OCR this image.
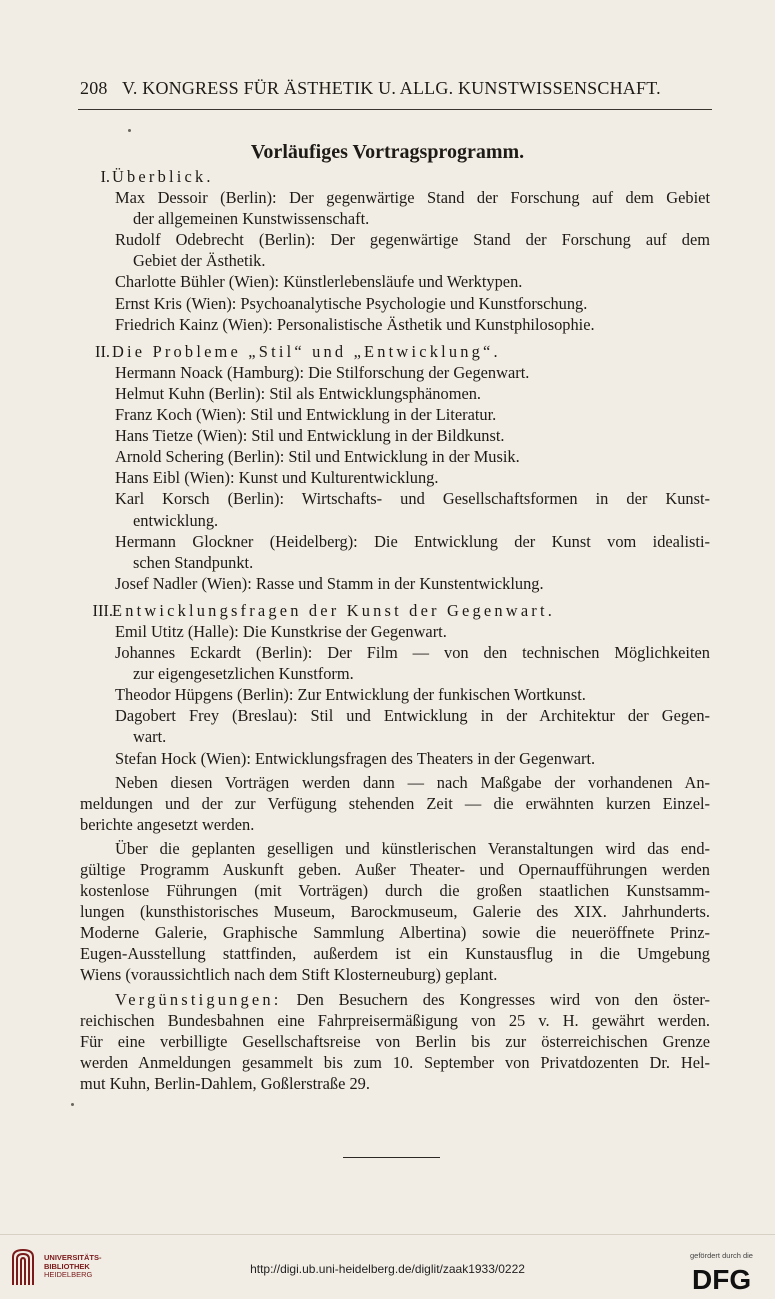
208 V. KONGRESS FÜR ÄSTHETIK U. ALLG. KUNSTWISSENSCHAFT.
Vorläufiges Vortragsprogramm.
I. Überblick.
Max Dessoir (Berlin): Der gegenwärtige Stand der Forschung auf dem Gebiet
der allgemeinen Kunstwissenschaft.
Rudolf Odebrecht (Berlin): Der gegenwärtige Stand der Forschung auf dem
Gebiet der Ästhetik.
Charlotte Bühler (Wien): Künstlerlebensläufe und Werktypen.
Ernst Kris (Wien): Psychoanalytische Psychologie und Kunstforschung.
Friedrich Kainz (Wien): Personalistische Ästhetik und Kunstphilosophie.
II. Die Probleme „Stil“ und „Entwicklung“.
Hermann Noack (Hamburg): Die Stilforschung der Gegenwart.
Helmut Kuhn (Berlin): Stil als Entwicklungsphänomen.
Franz Koch (Wien): Stil und Entwicklung in der Literatur.
Hans Tietze (Wien): Stil und Entwicklung in der Bildkunst.
Arnold Schering (Berlin): Stil und Entwicklung in der Musik.
Hans Eibl (Wien): Kunst und Kulturentwicklung.
Karl Korsch (Berlin): Wirtschafts- und Gesellschaftsformen in der Kunst-
entwicklung.
Hermann Glockner (Heidelberg): Die Entwicklung der Kunst vom idealisti-
schen Standpunkt.
Josef Nadler (Wien): Rasse und Stamm in der Kunstentwicklung.
III. Entwicklungsfragen der Kunst der Gegenwart.
Emil Utitz (Halle): Die Kunstkrise der Gegenwart.
Johannes Eckardt (Berlin): Der Film — von den technischen Möglichkeiten
zur eigengesetzlichen Kunstform.
Theodor Hüpgens (Berlin): Zur Entwicklung der funkischen Wortkunst.
Dagobert Frey (Breslau): Stil und Entwicklung in der Architektur der Gegen-
wart.
Stefan Hock (Wien): Entwicklungsfragen des Theaters in der Gegenwart.
Neben diesen Vorträgen werden dann — nach Maßgabe der vorhandenen An-
meldungen und der zur Verfügung stehenden Zeit — die erwähnten kurzen Einzel-
berichte angesetzt werden.
Über die geplanten geselligen und künstlerischen Veranstaltungen wird das end-
gültige Programm Auskunft geben. Außer Theater- und Opernaufführungen werden
kostenlose Führungen (mit Vorträgen) durch die großen staatlichen Kunstsamm-
lungen (kunsthistorisches Museum, Barockmuseum, Galerie des XIX. Jahrhunderts.
Moderne Galerie, Graphische Sammlung Albertina) sowie die neueröffnete Prinz-
Eugen-Ausstellung stattfinden, außerdem ist ein Kunstausflug in die Umgebung
Wiens (voraussichtlich nach dem Stift Klosterneuburg) geplant.
Vergünstigungen: Den Besuchern des Kongresses wird von den öster-
reichischen Bundesbahnen eine Fahrpreisermäßigung von 25 v. H. gewährt werden.
Für eine verbilligte Gesellschaftsreise von Berlin bis zur österreichischen Grenze
werden Anmeldungen gesammelt bis zum 10. September von Privatdozenten Dr. Hel-
mut Kuhn, Berlin-Dahlem, Goßlerstraße 29.
UNIVERSITÄTS-
BIBLIOTHEK
HEIDELBERG	http://digi.ub.uni-heidelberg.de/diglit/zaak1933/0222
gefördert durch die
DFG
